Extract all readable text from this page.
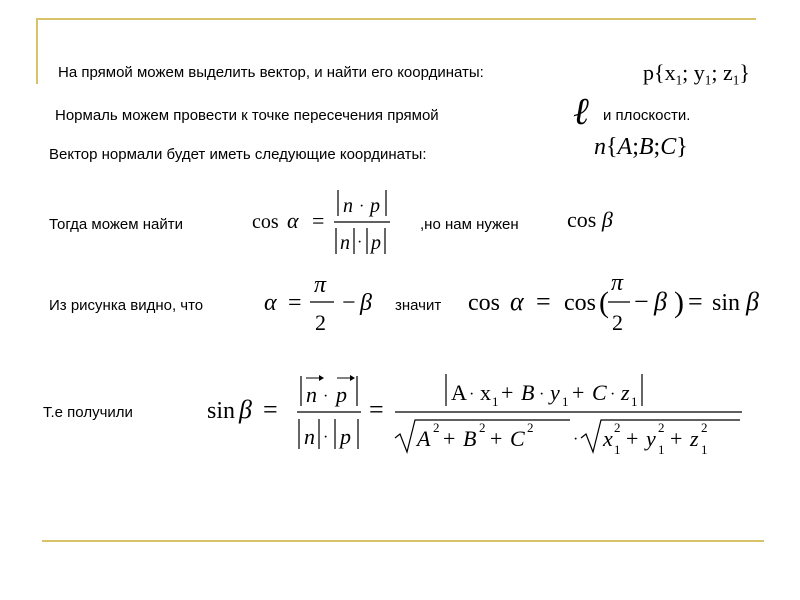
На прямой можем выделить вектор, и найти его координаты:	$p\{x_1$; $y_1$; $z_1$}
Нормаль можем провести к точке пересечения прямой	ℓ и плоскости.
Вектор нормали будет иметь следующие координаты:	n{A;B;C}
Тогда можем найти	cos α =
n · p
n · p
,но нам нужен cos β
Из рисунка видно, что	α =
π
2
− β значит cos α = cos (
π
2
− β ) = sin β
Т.е получили	sin β =
n · p
n · p
=
A · x 1 + B · y 1 + C · z 1
A 2 + B 2 + C 2
· x 2
1 + y 2
1 + z 2
1
